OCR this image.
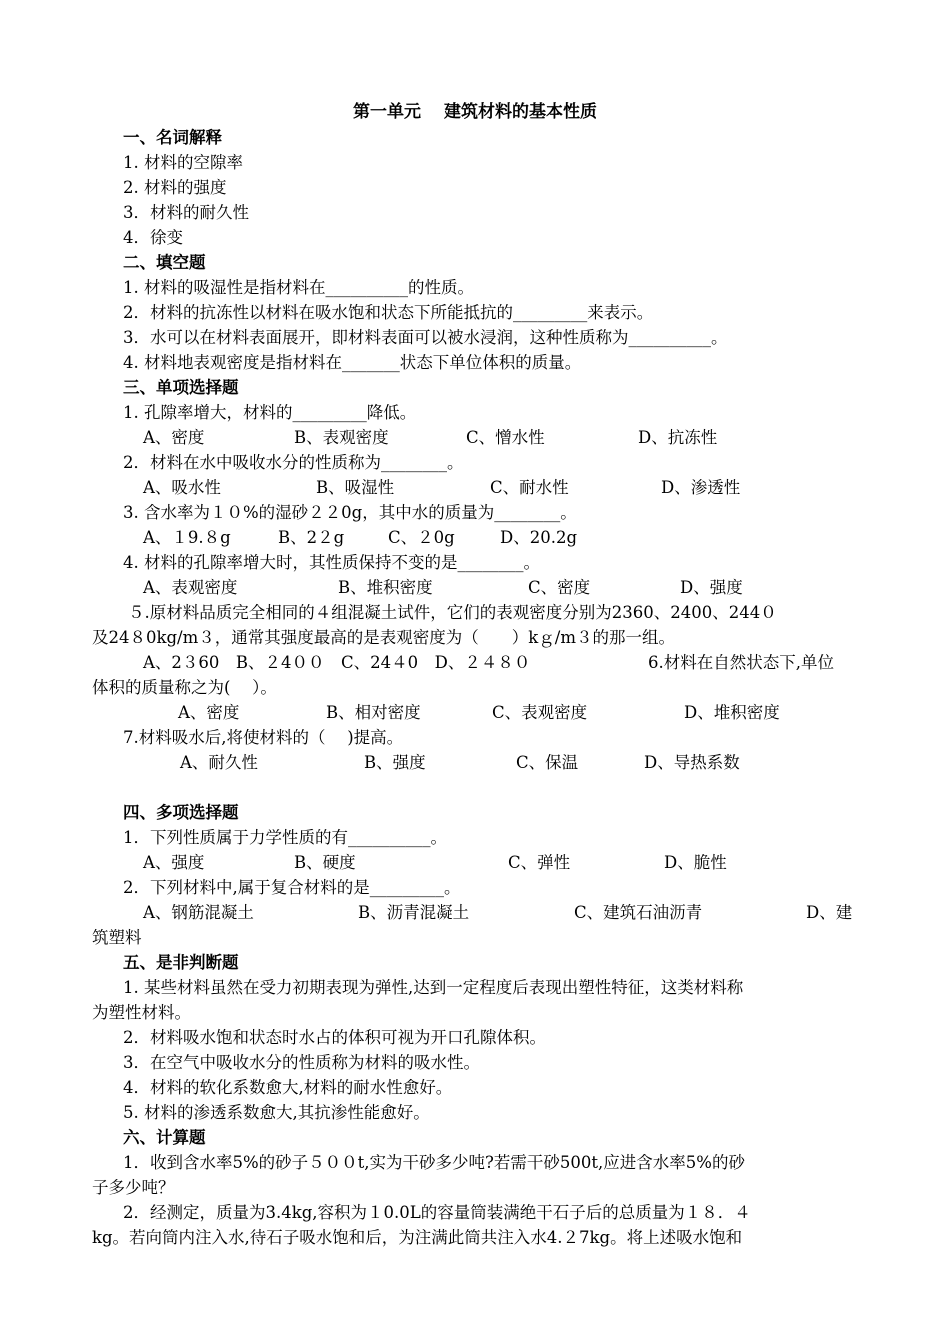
第一单元　 建筑材料的基本性质
一、名词解释
1. 材料的空隙率
2. 材料的强度
3．材料的耐久性
4．徐变
二、填空题
1. 材料的吸湿性是指材料在__________的性质。
2．材料的抗冻性以材料在吸水饱和状态下所能抵抗的_________来表示。
3．水可以在材料表面展开，即材料表面可以被水浸润，这种性质称为__________。
4. 材料地表观密度是指材料在_______状态下单位体积的质量。
三、单项选择题
1. 孔隙率增大，材料的_________降低。
A、密度	B、表观密度	C、憎水性	D、抗冻性
2．材料在水中吸收水分的性质称为________。
A、吸水性	B、吸湿性	C、耐水性	D、渗透性
3. 含水率为１０%的湿砂２２0g，其中水的质量为________。
A、１9.８g	B、2２g	C、２0g	D、20.2g
4. 材料的孔隙率增大时，其性质保持不变的是________。
A、表观密度	B、堆积密度	C、密度	D、强度
５.原材料品质完全相同的４组混凝土试件，它们的表观密度分别为2360、2400、244０
及24８0kg/m３，通常其强度最高的是表观密度为（　　）kｇ/m３的那一组。
A、2３60　B、２4００　C、24４0　D、２４８０	6.材料在自然状态下,单位
体积的质量称之为(　 ）。
A、密度	B、相对密度	C、表观密度	D、堆积密度
7.材料吸水后,将使材料的（　 )提高。
A、耐久性	B、强度	C、保温	D、导热系数
四、多项选择题
1．下列性质属于力学性质的有__________。
A、强度	B、硬度	C、弹性	D、脆性
2．下列材料中,属于复合材料的是_________。
A、钢筋混凝土	B、沥青混凝土	C、建筑石油沥青	D、建
筑塑料
五、是非判断题
1. 某些材料虽然在受力初期表现为弹性,达到一定程度后表现出塑性特征，这类材料称
为塑性材料。
2．材料吸水饱和状态时水占的体积可视为开口孔隙体积。
3．在空气中吸收水分的性质称为材料的吸水性。
4．材料的软化系数愈大,材料的耐水性愈好。
5. 材料的渗透系数愈大,其抗渗性能愈好。
六、计算题
1．收到含水率5%的砂子５００t,实为干砂多少吨?若需干砂500t,应进含水率5%的砂
子多少吨？
2．经测定，质量为3.4kg,容积为１0.0L的容量筒装满绝干石子后的总质量为１８．４
kg。若向筒内注入水,待石子吸水饱和后，为注满此筒共注入水4.２7kg。将上述吸水饱和
